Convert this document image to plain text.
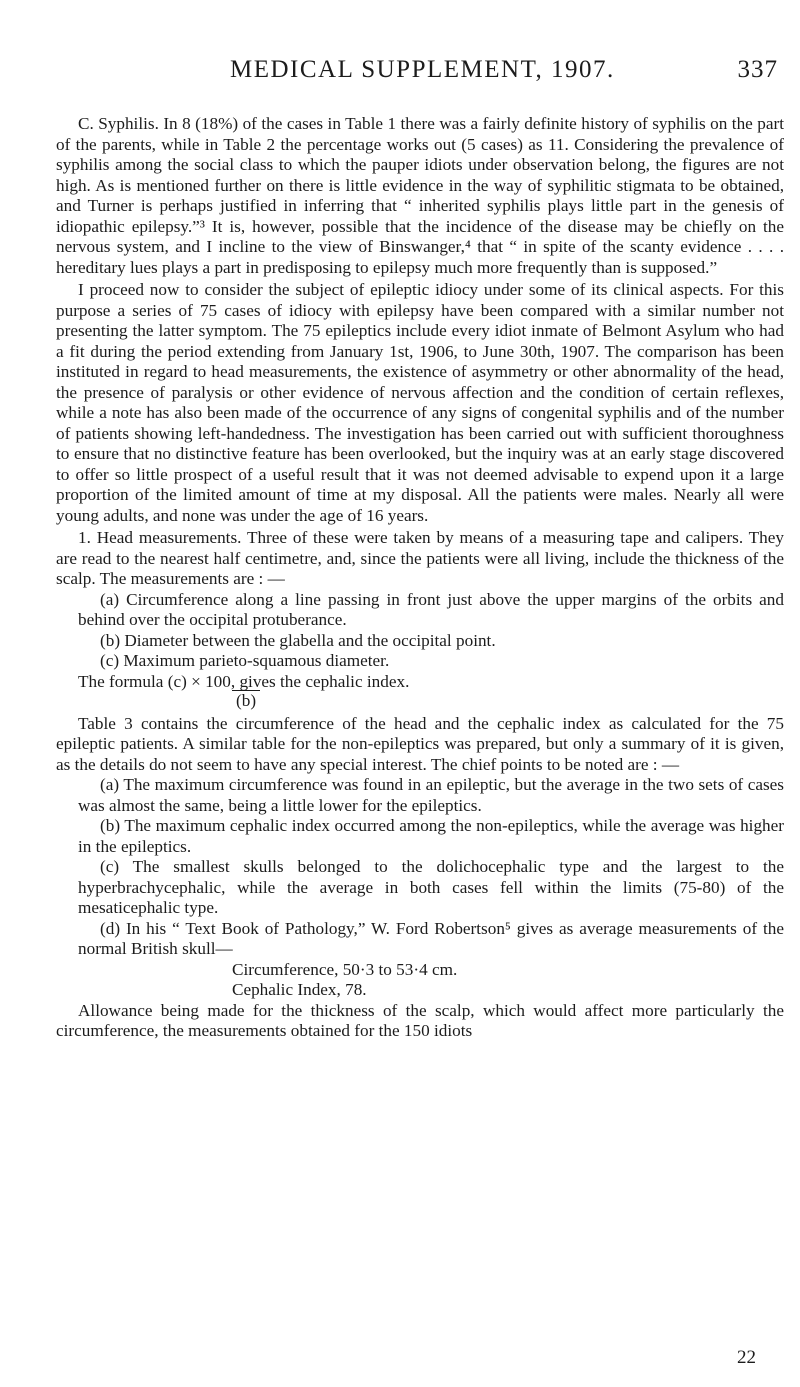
MEDICAL SUPPLEMENT, 1907.	337

C. Syphilis. In 8 (18%) of the cases in Table 1 there was a fairly definite history of syphilis on the part of the parents, while in Table 2 the percentage works out (5 cases) as 11. Considering the prevalence of syphilis among the social class to which the pauper idiots under observation belong, the figures are not high. As is mentioned further on there is little evidence in the way of syphilitic stigmata to be obtained, and Turner is perhaps justified in inferring that “ inherited syphilis plays little part in the genesis of idiopathic epilepsy.”³ It is, however, possible that the incidence of the disease may be chiefly on the nervous system, and I incline to the view of Binswanger,⁴ that “ in spite of the scanty evidence . . . . hereditary lues plays a part in predisposing to epilepsy much more frequently than is supposed.”

I proceed now to consider the subject of epileptic idiocy under some of its clinical aspects. For this purpose a series of 75 cases of idiocy with epilepsy have been compared with a similar number not presenting the latter symptom. The 75 epileptics include every idiot inmate of Belmont Asylum who had a fit during the period extending from January 1st, 1906, to June 30th, 1907. The comparison has been instituted in regard to head measurements, the existence of asymmetry or other abnormality of the head, the presence of paralysis or other evidence of nervous affection and the condition of certain reflexes, while a note has also been made of the occurrence of any signs of congenital syphilis and of the number of patients showing left-handedness. The investigation has been carried out with sufficient thoroughness to ensure that no distinctive feature has been overlooked, but the inquiry was at an early stage discovered to offer so little prospect of a useful result that it was not deemed advisable to expend upon it a large proportion of the limited amount of time at my disposal. All the patients were males. Nearly all were young adults, and none was under the age of 16 years.

1. Head measurements. Three of these were taken by means of a measuring tape and calipers. They are read to the nearest half centimetre, and, since the patients were all living, include the thickness of the scalp. The measurements are : —

(a) Circumference along a line passing in front just above the upper margins of the orbits and behind over the occipital protuberance.

(b) Diameter between the glabella and the occipital point.

(c) Maximum parieto-squamous diameter.

The formula (c) × 100, gives the cephalic index.

(b)

Table 3 contains the circumference of the head and the cephalic index as calculated for the 75 epileptic patients. A similar table for the non-epileptics was prepared, but only a summary of it is given, as the details do not seem to have any special interest. The chief points to be noted are : —

(a) The maximum circumference was found in an epileptic, but the average in the two sets of cases was almost the same, being a little lower for the epileptics.

(b) The maximum cephalic index occurred among the non-epileptics, while the average was higher in the epileptics.

(c) The smallest skulls belonged to the dolichocephalic type and the largest to the hyperbrachycephalic, while the average in both cases fell within the limits (75-80) of the mesaticephalic type.

(d) In his “ Text Book of Pathology,” W. Ford Robertson⁵ gives as average measurements of the normal British skull—

Circumference, 50·3 to 53·4 cm.

Cephalic Index, 78.

Allowance being made for the thickness of the scalp, which would affect more particularly the circumference, the measurements obtained for the 150 idiots

22
